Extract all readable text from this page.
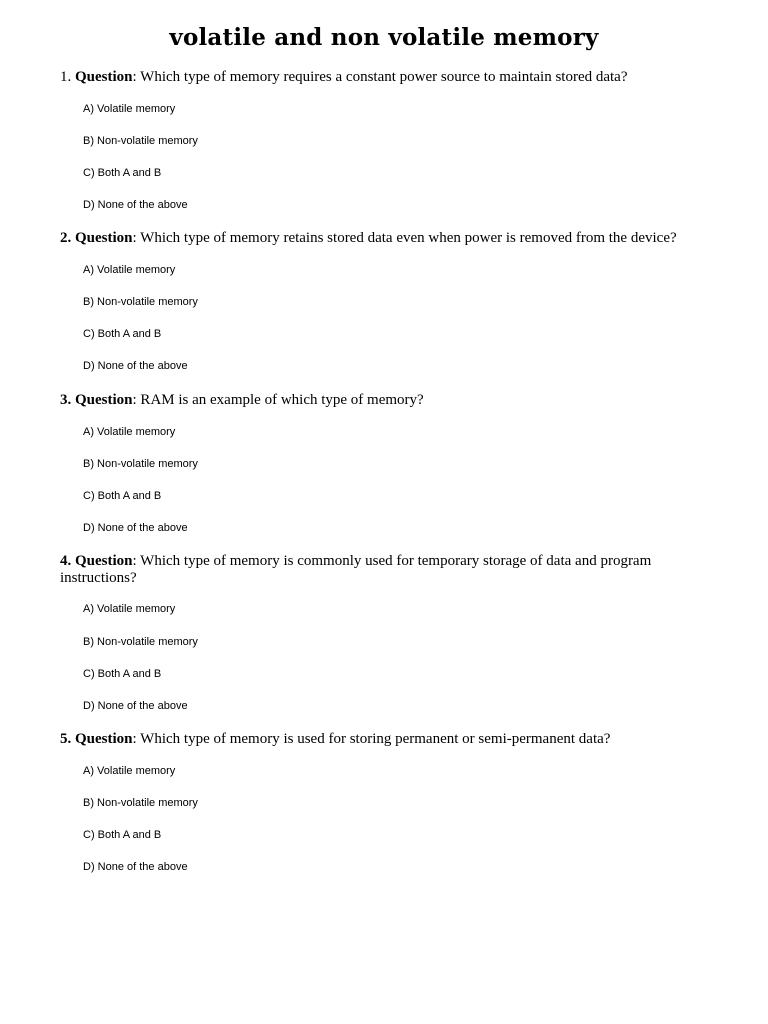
volatile and non volatile memory
1. Question: Which type of memory requires a constant power source to maintain stored data?
A) Volatile memory
B) Non-volatile memory
C) Both A and B
D) None of the above
2. Question: Which type of memory retains stored data even when power is removed from the device?
A) Volatile memory
B) Non-volatile memory
C) Both A and B
D) None of the above
3. Question: RAM is an example of which type of memory?
A) Volatile memory
B) Non-volatile memory
C) Both A and B
D) None of the above
4. Question: Which type of memory is commonly used for temporary storage of data and program instructions?
A) Volatile memory
B) Non-volatile memory
C) Both A and B
D) None of the above
5. Question: Which type of memory is used for storing permanent or semi-permanent data?
A) Volatile memory
B) Non-volatile memory
C) Both A and B
D) None of the above
